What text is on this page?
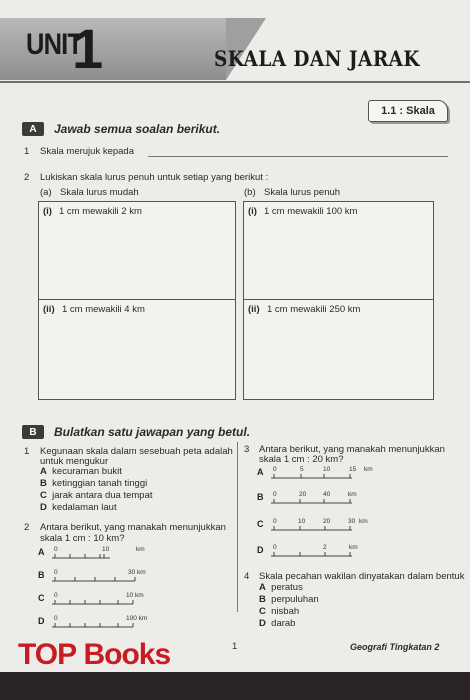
UNIT
1	SKALA DAN JARAK
1.1 : Skala
A	Jawab semua soalan berikut.
1 Skala merujuk kepada
2 Lukiskan skala lurus penuh untuk setiap yang berikut :
(a) Skala lurus mudah	(b) Skala lurus penuh
(i) 1 cm mewakili 2 km
(ii) 1 cm mewakili 4 km
(i) 1 cm mewakili 100 km
(ii) 1 cm mewakili 250 km
B	Bulatkan satu jawapan yang betul.
1 Kegunaan skala dalam sesebuah peta adalah
untuk mengukur
A kecuraman bukit
B ketinggian tanah tinggi
C jarak antara dua tempat
D kedalaman laut
2 Antara berikut, yang manakah menunjukkan
skala 1 cm : 10 km?
3 Antara berikut, yang manakah menunjukkan
skala 1 cm : 20 km?
4 Skala pecahan wakilan dinyatakan dalam bentuk
A peratus
B perpuluhan
C nisbah
D darab
A 0	10	km
B 0	30 km
C 0	10 km
D 0	100 km
A 0	5	10	15 km
B 0	20	40	km
C 0	10	20	30 km
D 0	2	km
1	Geografi Tingkatan 2
TOP Books
